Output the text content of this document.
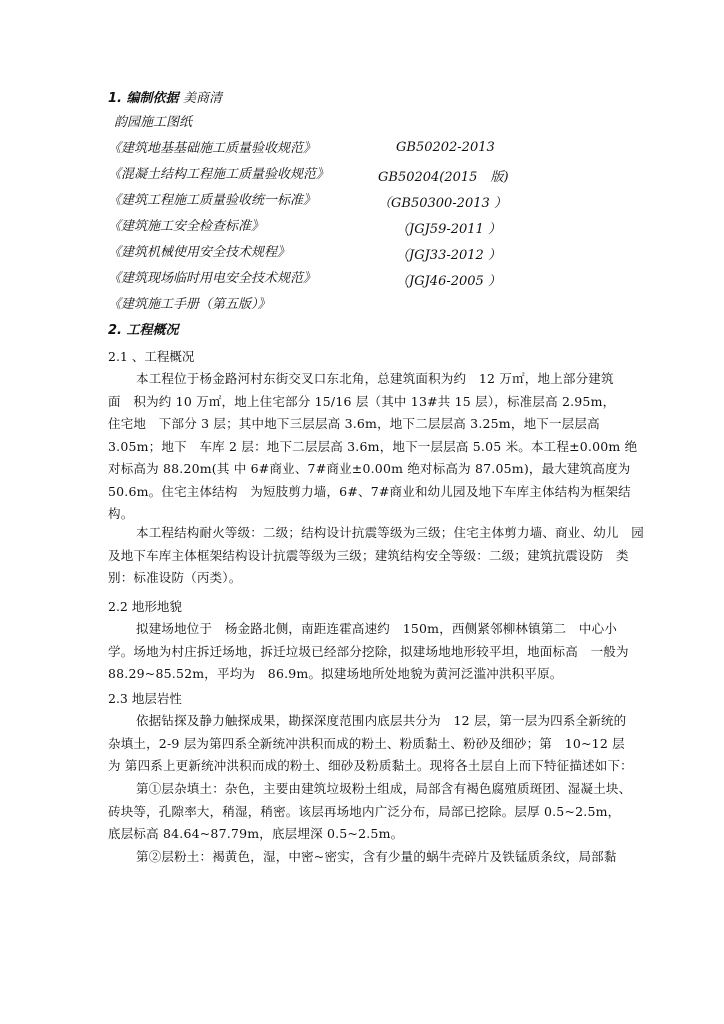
1. 编制依据 美商清
韵园施工图纸
《建筑地基基础施工质量验收规范》	GB50202-2013
《混凝土结构工程施工质量验收规范》	GB50204(2015　版)
《建筑工程施工质量验收统一标准》	（GB50300-2013 ）
《建筑施工安全检查标准》	（JGJ59-2011 ）
《建筑机械使用安全技术规程》	（JGJ33-2012 ）
《建筑现场临时用电安全技术规范》	（JGJ46-2005 ）
《建筑施工手册（第五版）》
2. 工程概况
2.1 、工程概况
本工程位于杨金路河村东街交叉口东北角，总建筑面积为约　12 万㎡，地上部分建筑
面　积为约 10 万㎡，地上住宅部分 15/16 层（其中 13#共 15 层），标准层高 2.95m，
住宅地　下部分 3 层；其中地下三层层高 3.6m，地下二层层高 3.25m，地下一层层高
3.05m；地下　车库 2 层：地下二层层高 3.6m，地下一层层高 5.05 米。本工程±0.00m 绝
对标高为 88.20m(其 中 6#商业、7#商业±0.00m 绝对标高为 87.05m)，最大建筑高度为
50.6m。住宅主体结构　为短肢剪力墙，6#、7#商业和幼儿园及地下车库主体结构为框架结
构。
本工程结构耐火等级：二级；结构设计抗震等级为三级；住宅主体剪力墙、商业、幼儿　园
及地下车库主体框架结构设计抗震等级为三级；建筑结构安全等级：二级；建筑抗震设防　类
别：标准设防（丙类）。
2.2 地形地貌
拟建场地位于　杨金路北侧，南距连霍高速约　150m，西侧紧邻柳林镇第二　中心小
学。场地为村庄拆迁场地，拆迁垃圾已经部分挖除，拟建场地地形较平坦，地面标高　一般为
88.29~85.52m，平均为　86.9m。拟建场地所处地貌为黄河泛滥冲洪积平原。
2.3 地层岩性
依据钻探及静力触探成果，勘探深度范围内底层共分为　12 层，第一层为四系全新统的
杂填土，2-9 层为第四系全新统冲洪积而成的粉土、粉质黏土、粉砂及细砂；第　10~12 层
为 第四系上更新统冲洪积而成的粉土、细砂及粉质黏土。现将各土层自上而下特征描述如下：
第①层杂填土：杂色，主要由建筑垃圾粉土组成，局部含有褐色腐殖质斑团、湿凝土块、
砖块等，孔隙率大，稍湿，稍密。该层再场地内广泛分布，局部已挖除。层厚 0.5~2.5m，
底层标高 84.64~87.79m，底层埋深 0.5~2.5m。
第②层粉土：褐黄色，湿，中密~密实，含有少量的蜗牛壳碎片及铁锰质条纹，局部黏
